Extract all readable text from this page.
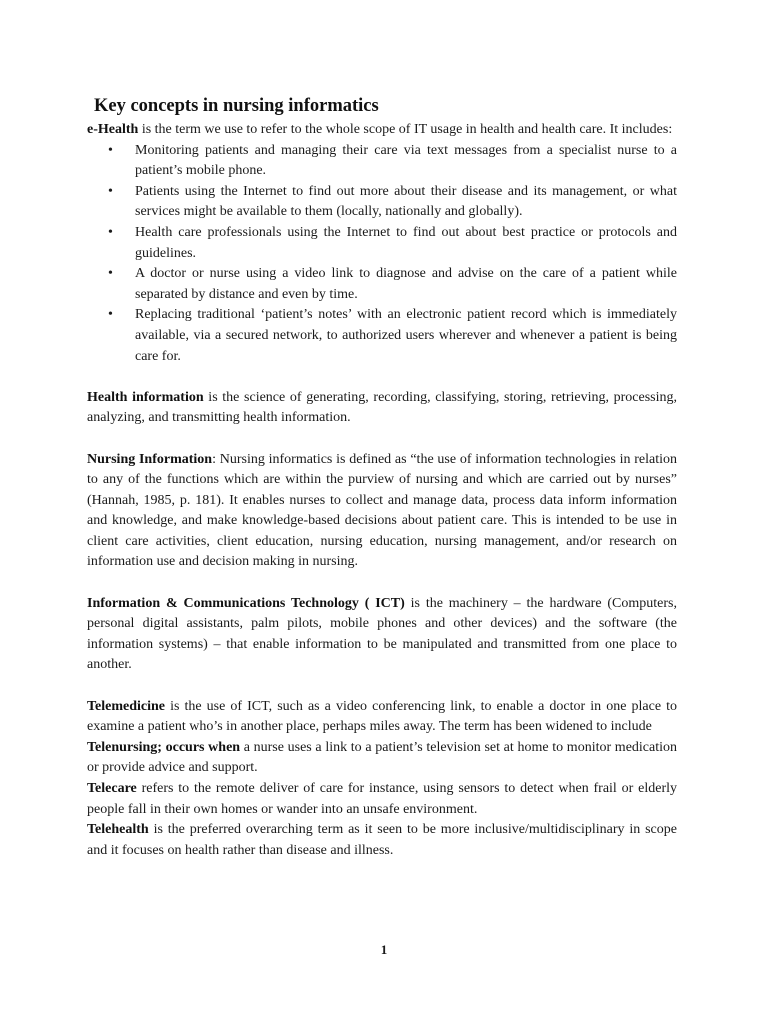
Key concepts in nursing informatics

e-Health is the term we use to refer to the whole scope of IT usage in health and health care. It includes:

• Monitoring patients and managing their care via text messages from a specialist nurse to a patient’s mobile phone.
• Patients using the Internet to find out more about their disease and its management, or what services might be available to them (locally, nationally and globally).
• Health care professionals using the Internet to find out about best practice or protocols and guidelines.
• A doctor or nurse using a video link to diagnose and advise on the care of a patient while separated by distance and even by time.
• Replacing traditional ‘patient’s notes’ with an electronic patient record which is immediately available, via a secured network, to authorized users wherever and whenever a patient is being care for.

Health information is the science of generating, recording, classifying, storing, retrieving, processing, analyzing, and transmitting health information.

Nursing Information: Nursing informatics is defined as “the use of information technologies in relation to any of the functions which are within the purview of nursing and which are carried out by nurses” (Hannah, 1985, p. 181). It enables nurses to collect and manage data, process data inform information and knowledge, and make knowledge-based decisions about patient care. This is intended to be use in client care activities, client education, nursing education, nursing management, and/or research on information use and decision making in nursing.

Information & Communications Technology ( ICT) is the machinery – the hardware (Computers, personal digital assistants, palm pilots, mobile phones and other devices) and the software (the information systems) – that enable information to be manipulated and transmitted from one place to another.

Telemedicine is the use of ICT, such as a video conferencing link, to enable a doctor in one place to examine a patient who’s in another place, perhaps miles away. The term has been widened to include

Telenursing; occurs when a nurse uses a link to a patient’s television set at home to monitor medication or provide advice and support.

Telecare refers to the remote deliver of care for instance, using sensors to detect when frail or elderly people fall in their own homes or wander into an unsafe environment.

Telehealth is the preferred overarching term as it seen to be more inclusive/multidisciplinary in scope and it focuses on health rather than disease and illness.

1
